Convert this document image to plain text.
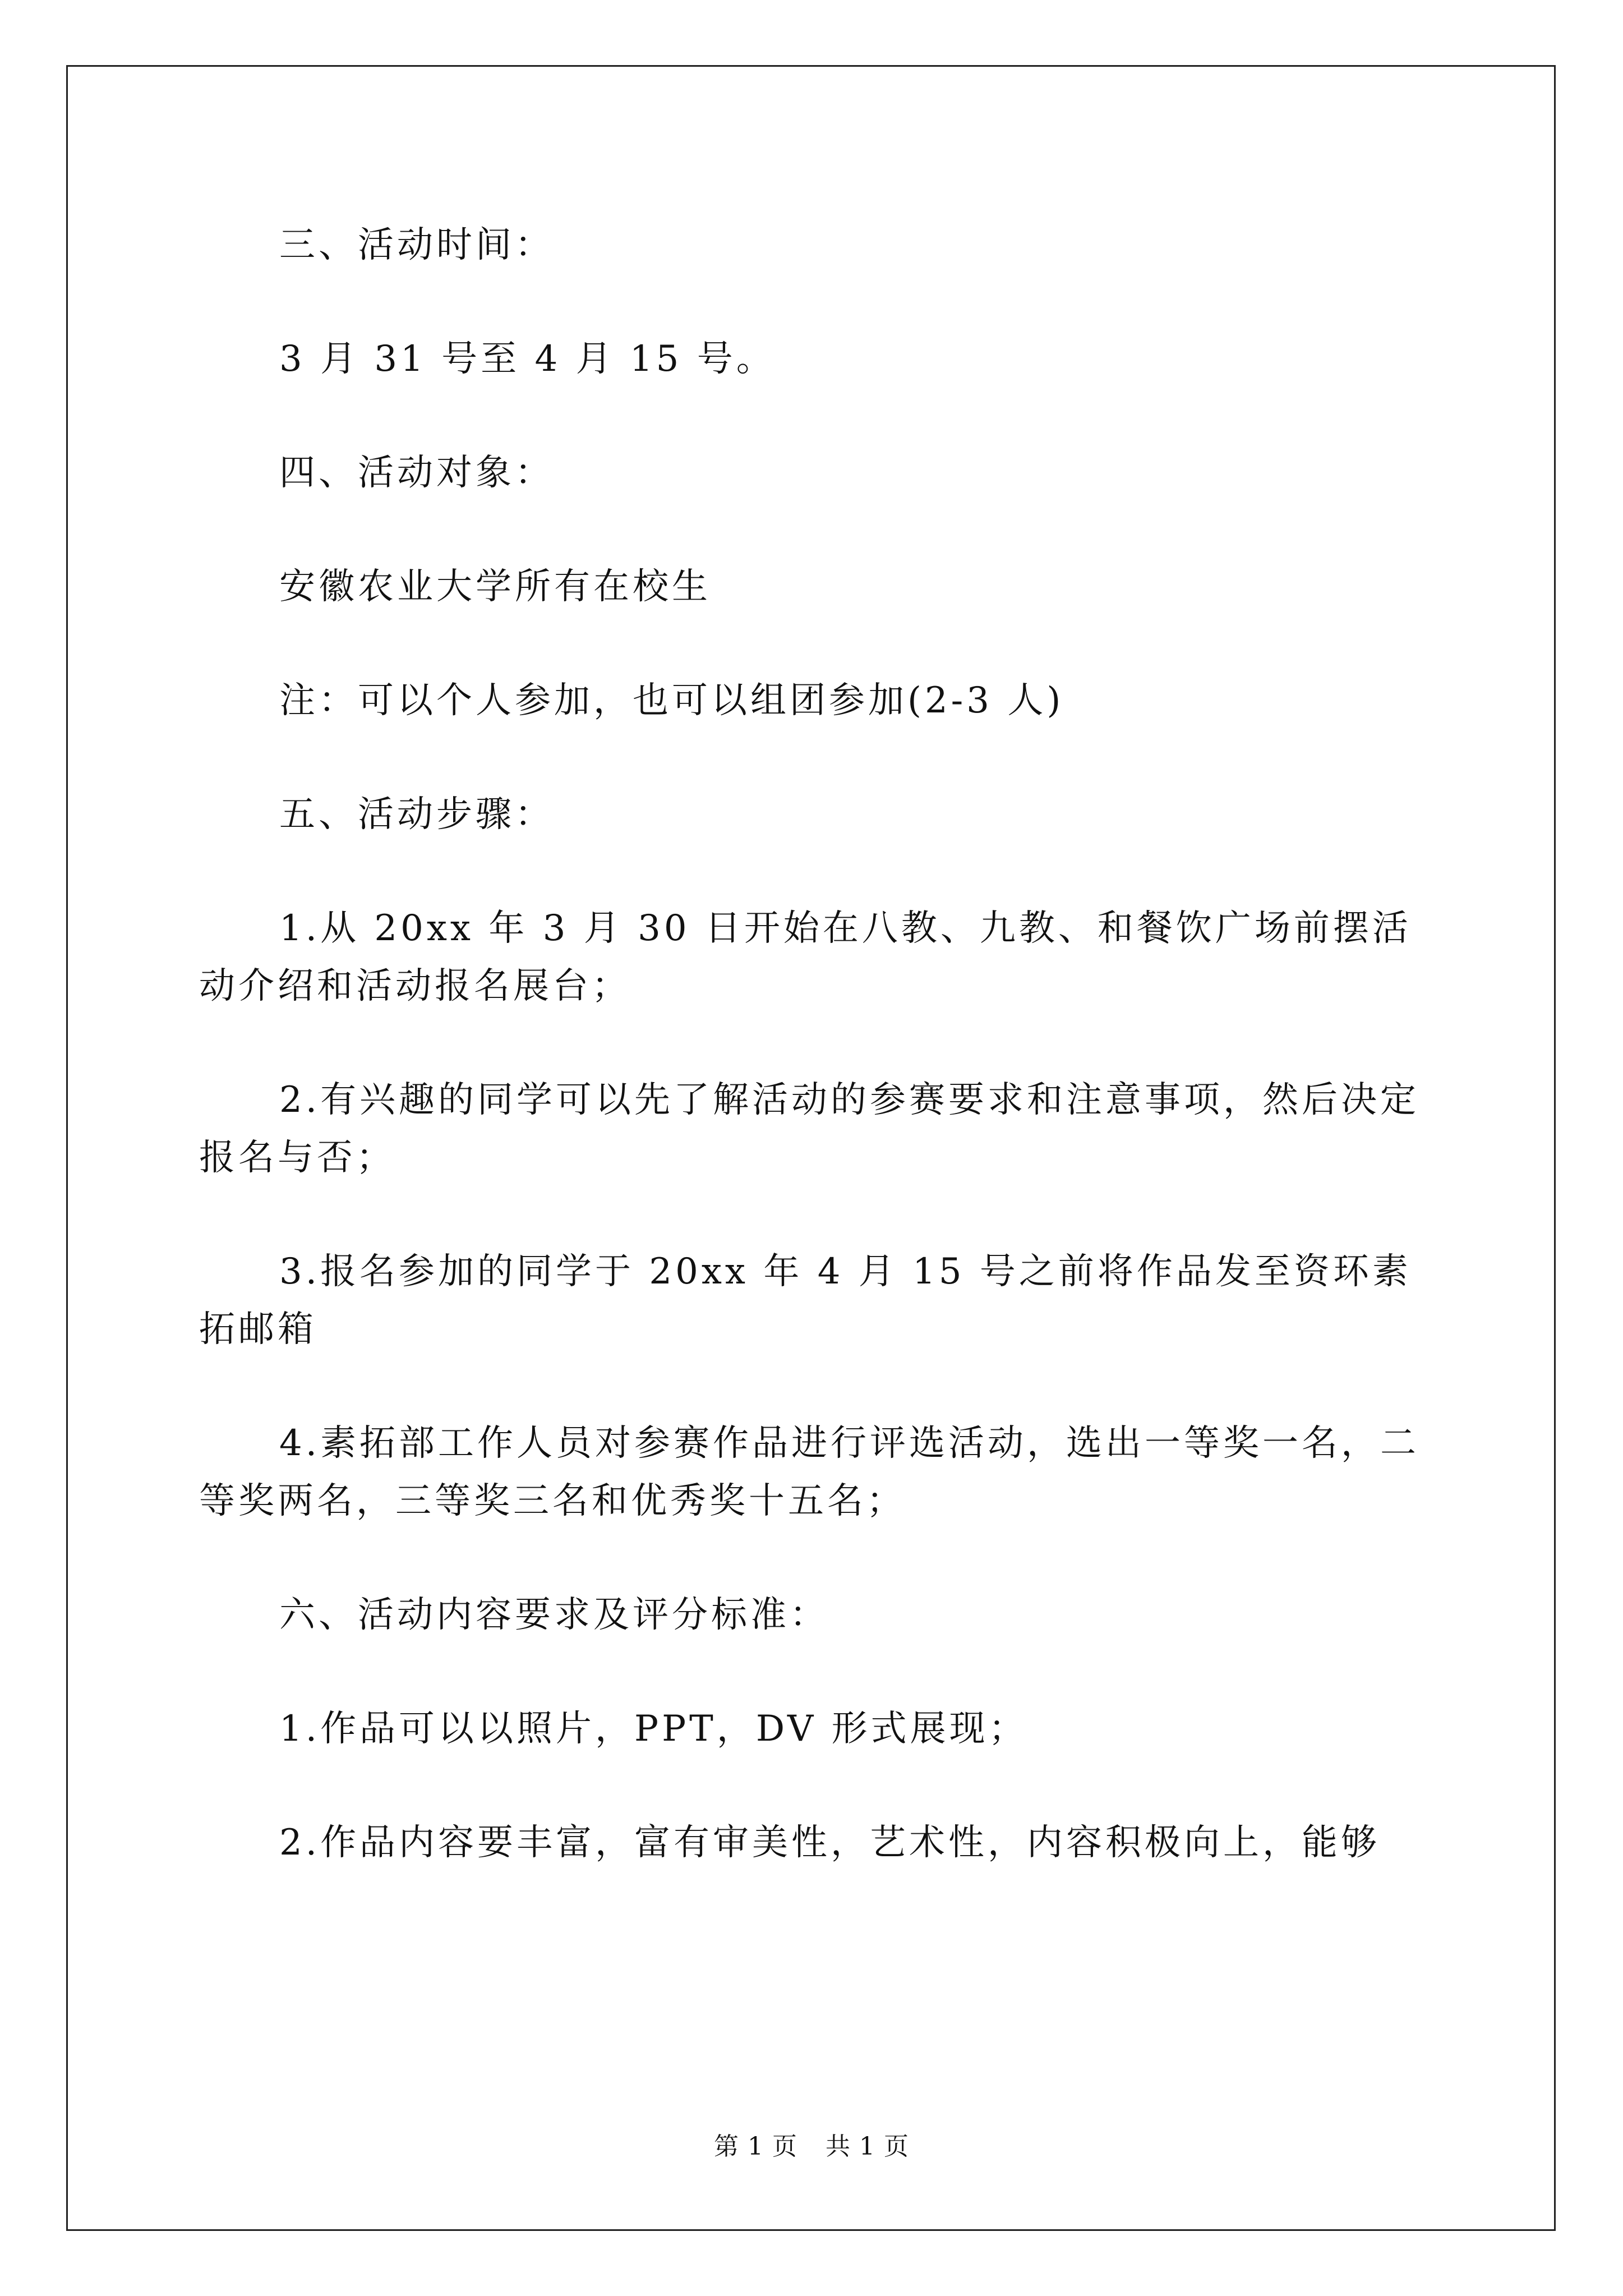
三、活动时间：

3 月 31 号至 4 月 15 号。

四、活动对象：

安徽农业大学所有在校生

注：可以个人参加，也可以组团参加(2-3 人)

五、活动步骤：

1.从 20xx 年 3 月 30 日开始在八教、九教、和餐饮广场前摆活动介绍和活动报名展台；

2.有兴趣的同学可以先了解活动的参赛要求和注意事项，然后决定报名与否；

3.报名参加的同学于 20xx 年 4 月 15 号之前将作品发至资环素拓邮箱

4.素拓部工作人员对参赛作品进行评选活动，选出一等奖一名，二等奖两名，三等奖三名和优秀奖十五名；

六、活动内容要求及评分标准：

1.作品可以以照片，PPT，DV 形式展现；

2.作品内容要丰富，富有审美性，艺术性，内容积极向上，能够

第 1 页 共 1 页
